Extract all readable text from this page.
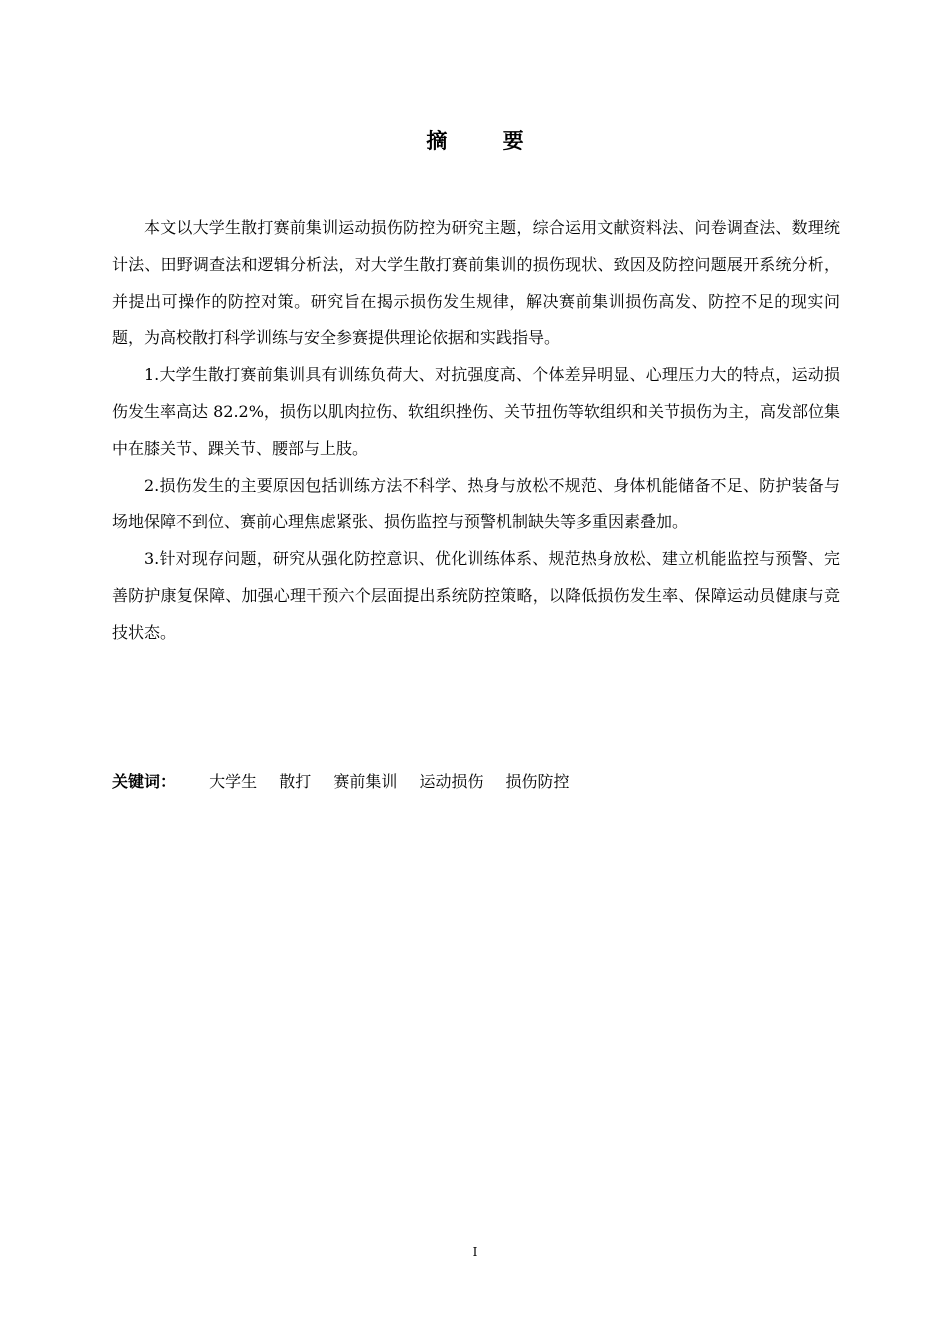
摘 要

本文以大学生散打赛前集训运动损伤防控为研究主题，综合运用文献资料法、问卷调查法、数理统计法、田野调查法和逻辑分析法，对大学生散打赛前集训的损伤现状、致因及防控问题展开系统分析，并提出可操作的防控对策。研究旨在揭示损伤发生规律，解决赛前集训损伤高发、防控不足的现实问题，为高校散打科学训练与安全参赛提供理论依据和实践指导。

1.大学生散打赛前集训具有训练负荷大、对抗强度高、个体差异明显、心理压力大的特点，运动损伤发生率高达 82.2%，损伤以肌肉拉伤、软组织挫伤、关节扭伤等软组织和关节损伤为主，高发部位集中在膝关节、踝关节、腰部与上肢。

2.损伤发生的主要原因包括训练方法不科学、热身与放松不规范、身体机能储备不足、防护装备与场地保障不到位、赛前心理焦虑紧张、损伤监控与预警机制缺失等多重因素叠加。

3.针对现存问题，研究从强化防控意识、优化训练体系、规范热身放松、建立机能监控与预警、完善防护康复保障、加强心理干预六个层面提出系统防控策略，以降低损伤发生率、保障运动员健康与竞技状态。

关键词： 大学生 散打 赛前集训 运动损伤 损伤防控
I
